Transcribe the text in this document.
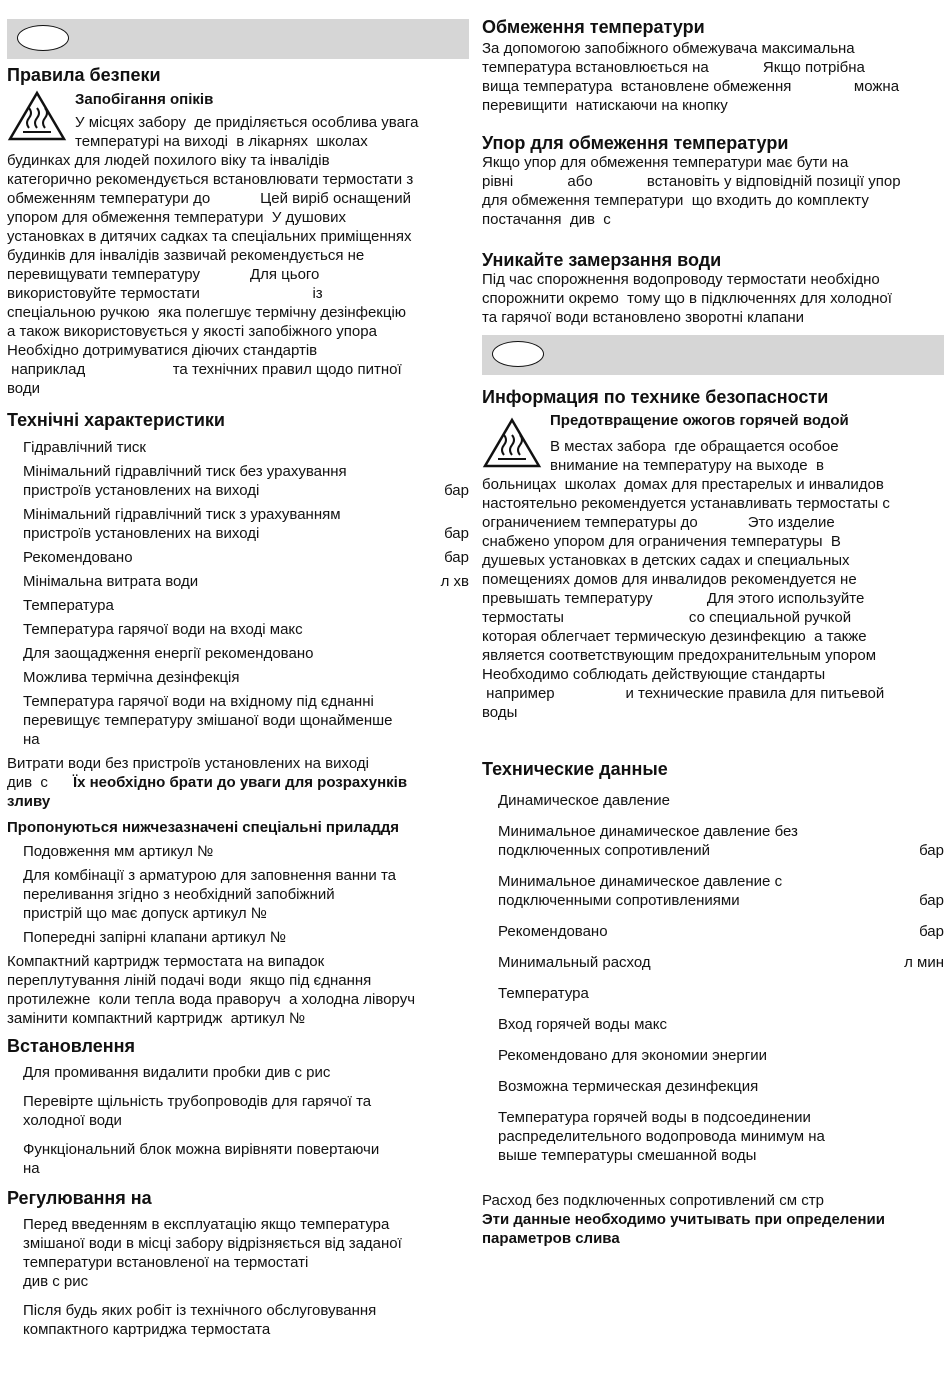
Правила безпеки
Запобігання опіків

У місцях забору  де приділяється особлива увага

температурі на виході  в лікарнях  школах

будинках для людей похилого віку та інвалідів

категорично рекомендується встановлювати термостати з

обмеженням температури до            Цей виріб оснащений

упором для обмеження температури  У душових

установках в дитячих садках та спеціальних приміщеннях

будинків для інвалідів зазвичай рекомендується не

перевищувати температуру            Для цього

використовуйте термостати                           із

спеціальною ручкою  яка полегшує термічну дезінфекцію

а також використовується у якості запобіжного упора

Необхідно дотримуватися діючих стандартів

наприклад                     та технічних правил щодо питної

води

Технічні характеристики
Гідравлічний тиск
Мінімальний гідравлічний тиск без урахування
пристроїв установлених на виході	бар
Мінімальний гідравлічний тиск з урахуванням
пристроїв установлених на виході	бар
Рекомендовано	бар
Мінімальна витрата води	л хв
Температура
Температура гарячої води на вході макс
Для заощадження енергії рекомендовано
Можлива термічна дезінфекція
Температура гарячої води на вхідному під єднанні
перевищує температуру змішаної води щонайменше
на

Витрати води без пристроїв установлених на виході

див  с      Їх необхідно брати до уваги для розрахунків

зливу

Пропонуються нижчезазначені спеціальні приладдя

Подовження мм артикул №

Для комбінації з арматурою для заповнення ванни та
переливання згідно з необхідний запобіжний
пристрій що має допуск артикул №

Попередні запірні клапани артикул №

Компактний картридж термостата на випадок

переплутування ліній подачі води  якщо під єднання

протилежне  коли тепла вода праворуч  а холодна ліворуч

замінити компактний картридж  артикул №

Встановлення

Для промивання видалити пробки див с рис

Перевірте щільність трубопроводів для гарячої та
холодної води

Функціональний блок можна вирівняти повертаючи
на

Регулювання на

Перед введенням в експлуатацію якщо температура
змішаної води в місці забору відрізняється від заданої
температури встановленої на термостаті
див с рис

Після будь яких робіт із технічного обслуговування
компактного картриджа термостата

Обмеження температури

За допомогою запобіжного обмежувача максимальна

температура встановлюється на             Якщо потрібна

вища температура  встановлене обмеження               можна

перевищити  натискаючи на кнопку

Упор для обмеження температури

Якщо упор для обмеження температури має бути на

рівні             або             встановіть у відповідній позиції упор

для обмеження температури  що входить до комплекту

постачання  див  с

Уникайте замерзання води

Під час спорожнення водопроводу термостати необхідно

спорожнити окремо  тому що в підключеннях для холодної

та гарячої води встановлено зворотні клапани

Информация по технике безопасности
Предотвращение ожогов горячей водой

В местах забора  где обращается особое

внимание на температуру на выходе  в

больницах  школах  домах для престарелых и инвалидов

настоятельно рекомендуется устанавливать термостаты с

ограничением температуры до            Это изделие

снабжено упором для ограничения температуры  В

душевых установках в детских садах и специальных

помещениях домов для инвалидов рекомендуется не

превышать температуру             Для этого используйте

термостаты                              со специальной ручкой

которая облегчает термическую дезинфекцию  а также

является соответствующим предохранительным упором

Необходимо соблюдать действующие стандарты

например                 и технические правила для питьевой

воды

Технические данные
Динамическое давление
Минимальное динамическое давление без
подключенных сопротивлений	бар
Минимальное динамическое давление с
подключенными сопротивлениями	бар
Рекомендовано	бар
Минимальный расход	л мин
Температура
Вход горячей воды макс
Рекомендовано для экономии энергии
Возможна термическая дезинфекция
Температура горячей воды в подсоединении
распределительного водопровода минимум на
выше температуры смешанной воды

Расход без подключенных сопротивлений см стр

Эти данные необходимо учитывать при определении

параметров слива
